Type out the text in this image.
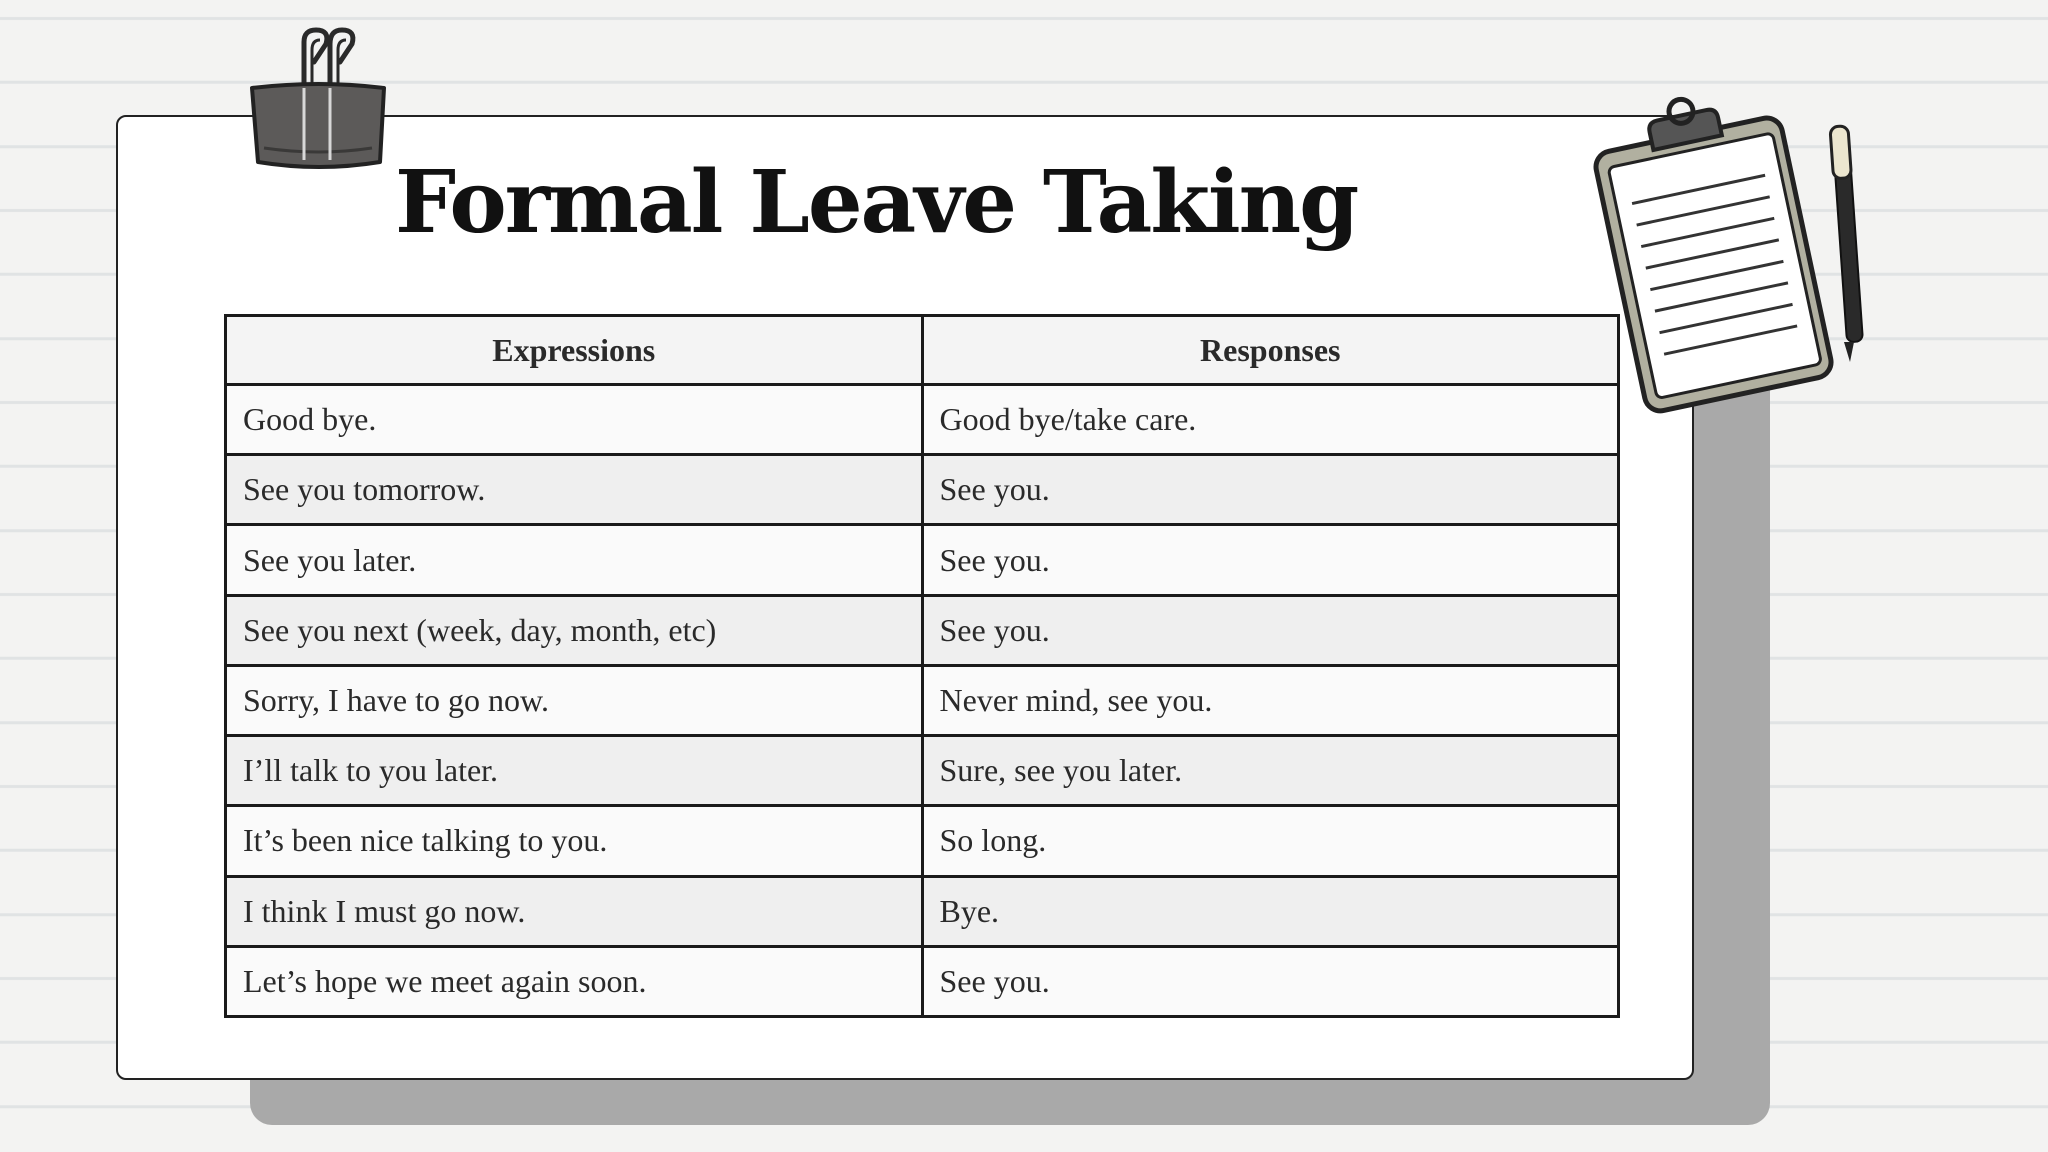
Formal Leave Taking
Expressions	Responses
Good bye.	Good bye/take care.
See you tomorrow.	See you.
See you later.	See you.
See you next (week, day, month, etc)	See you.
Sorry, I have to go now.	Never mind, see you.
I’ll talk to you later.	Sure, see you later.
It’s been nice talking to you.	So long.
I think I must go now.	Bye.
Let’s hope we meet again soon.	See you.
